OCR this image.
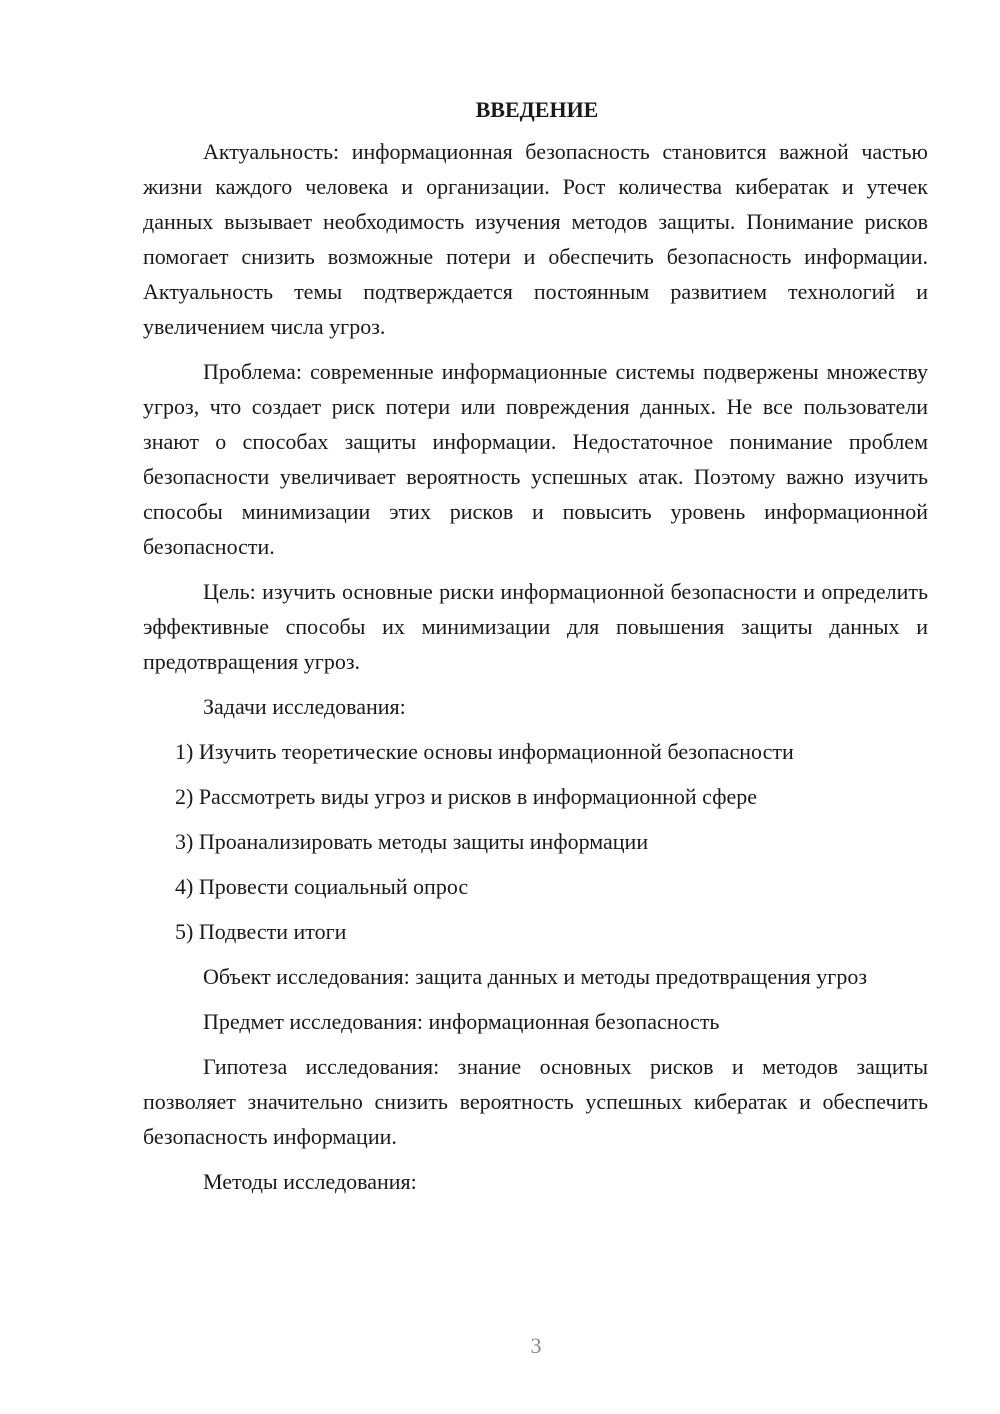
ВВЕДЕНИЕ

Актуальность: информационная безопасность становится важной частью жизни каждого человека и организации. Рост количества кибератак и утечек данных вызывает необходимость изучения методов защиты. Понимание рисков помогает снизить возможные потери и обеспечить безопасность информации. Актуальность темы подтверждается постоянным развитием технологий и увеличением числа угроз.

Проблема: современные информационные системы подвержены множеству угроз, что создает риск потери или повреждения данных. Не все пользователи знают о способах защиты информации. Недостаточное понимание проблем безопасности увеличивает вероятность успешных атак. Поэтому важно изучить способы минимизации этих рисков и повысить уровень информационной безопасности.

Цель: изучить основные риски информационной безопасности и определить эффективные способы их минимизации для повышения защиты данных и предотвращения угроз.

Задачи исследования:

1) Изучить теоретические основы информационной безопасности
2) Рассмотреть виды угроз и рисков в информационной сфере
3) Проанализировать методы защиты информации
4) Провести социальный опрос
5) Подвести итоги

Объект исследования: защита данных и методы предотвращения угроз

Предмет исследования: информационная безопасность

Гипотеза исследования: знание основных рисков и методов защиты позволяет значительно снизить вероятность успешных кибератак и обеспечить безопасность информации.

Методы исследования:

3
